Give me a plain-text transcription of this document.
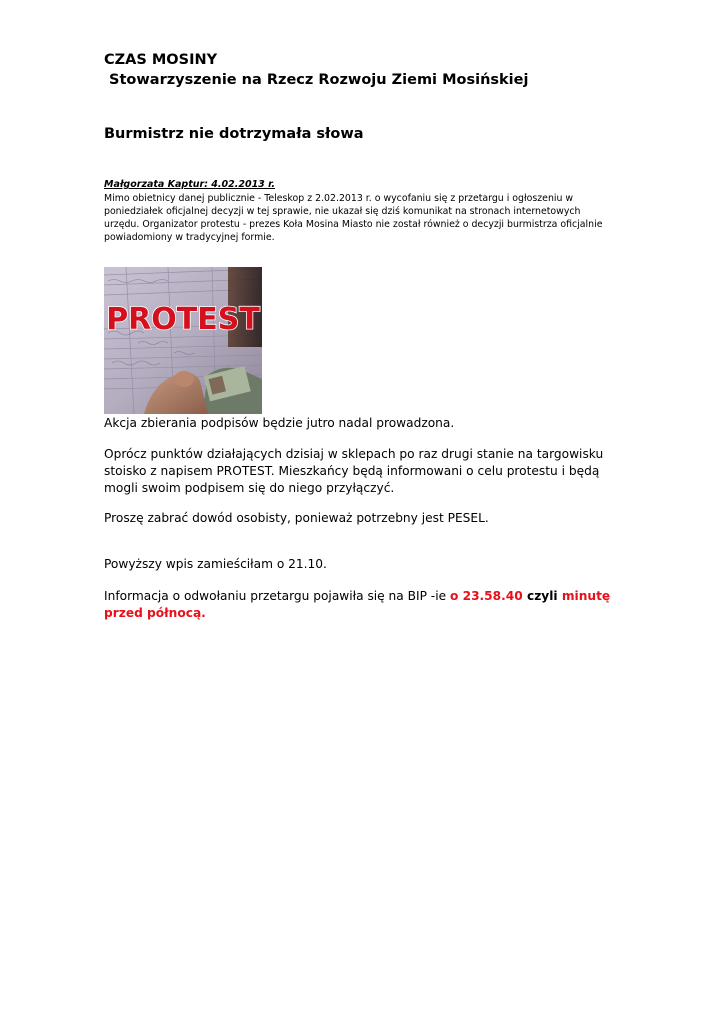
CZAS MOSINY
Stowarzyszenie na Rzecz Rozwoju Ziemi Mosińskiej
Burmistrz nie dotrzymała słowa
Małgorzata Kaptur: 4.02.2013 r.

Mimo obietnicy danej publicznie - Teleskop z 2.02.2013 r. o wycofaniu się z przetargu i ogłoszeniu w poniedziałek oficjalnej decyzji w tej sprawie, nie ukazał się dziś komunikat na stronach internetowych urzędu. Organizator protestu - prezes Koła Mosina Miasto nie został również o decyzji burmistrza oficjalnie powiadomiony w tradycyjnej formie.

PROTEST

Akcja zbierania podpisów będzie jutro nadal prowadzona.

Oprócz punktów działających dzisiaj w sklepach po raz drugi stanie na targowisku stoisko z napisem PROTEST. Mieszkańcy będą informowani o celu protestu i będą mogli swoim podpisem się do niego przyłączyć.

Proszę zabrać dowód osobisty, ponieważ potrzebny jest PESEL.

Powyższy wpis zamieściłam o 21.10.

Informacja o odwołaniu przetargu pojawiła się na BIP -ie o 23.58.40 czyli minutę przed północą.
